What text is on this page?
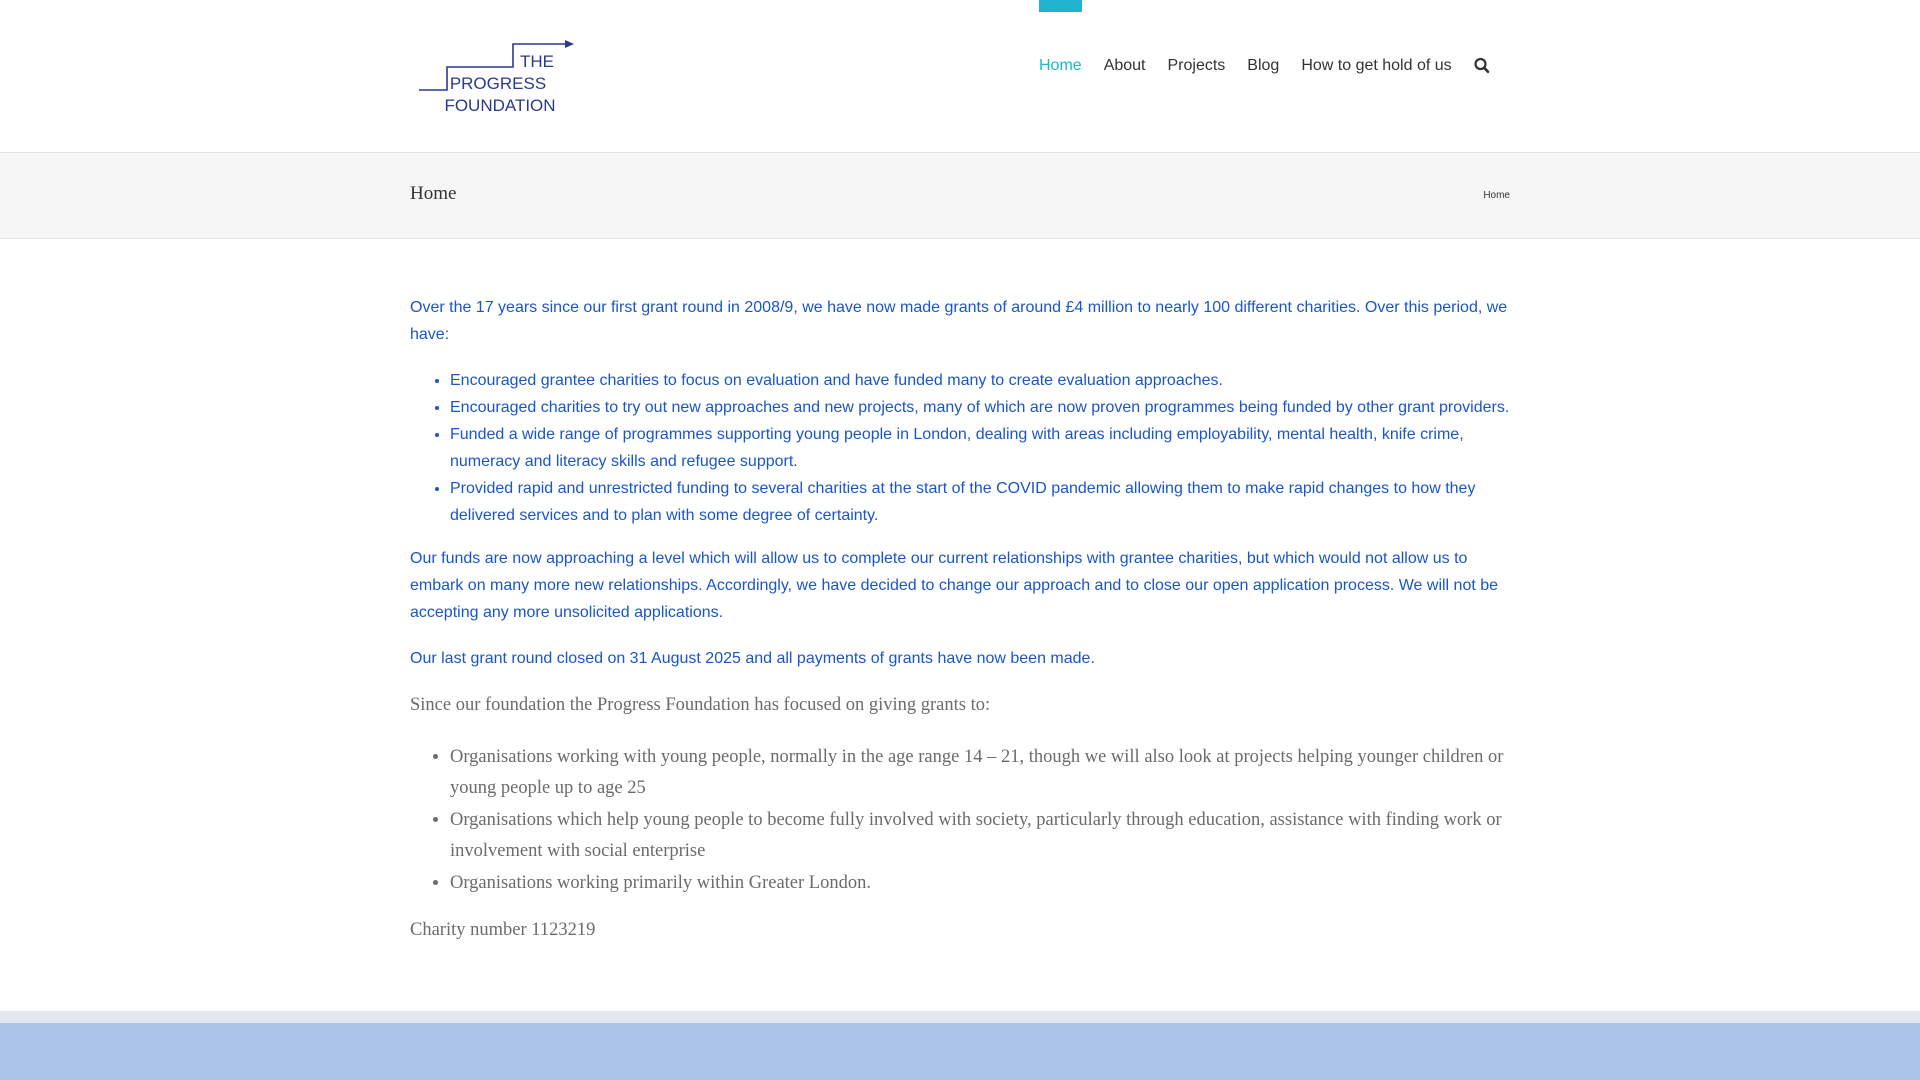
THE
PROGRESS
FOUNDATION
Home About Projects Blog How to get hold of us
Home	Home

Over the 17 years since our first grant round in 2008/9, we have now made grants of around £4 million to nearly 100 different charities. Over this period, we have:

• Encouraged grantee charities to focus on evaluation and have funded many to create evaluation approaches.
• Encouraged charities to try out new approaches and new projects, many of which are now proven programmes being funded by other grant providers.
• Funded a wide range of programmes supporting young people in London, dealing with areas including employability, mental health, knife crime, numeracy and literacy skills and refugee support.
• Provided rapid and unrestricted funding to several charities at the start of the COVID pandemic allowing them to make rapid changes to how they delivered services and to plan with some degree of certainty.

Our funds are now approaching a level which will allow us to complete our current relationships with grantee charities, but which would not allow us to embark on many more new relationships. Accordingly, we have decided to change our approach and to close our open application process. We will not be accepting any more unsolicited applications.

Our last grant round closed on 31 August 2025 and all payments of grants have now been made.

Since our foundation the Progress Foundation has focused on giving grants to:

• Organisations working with young people, normally in the age range 14 – 21, though we will also look at projects helping younger children or young people up to age 25
• Organisations which help young people to become fully involved with society, particularly through education, assistance with finding work or involvement with social enterprise
• Organisations working primarily within Greater London.

Charity number 1123219
